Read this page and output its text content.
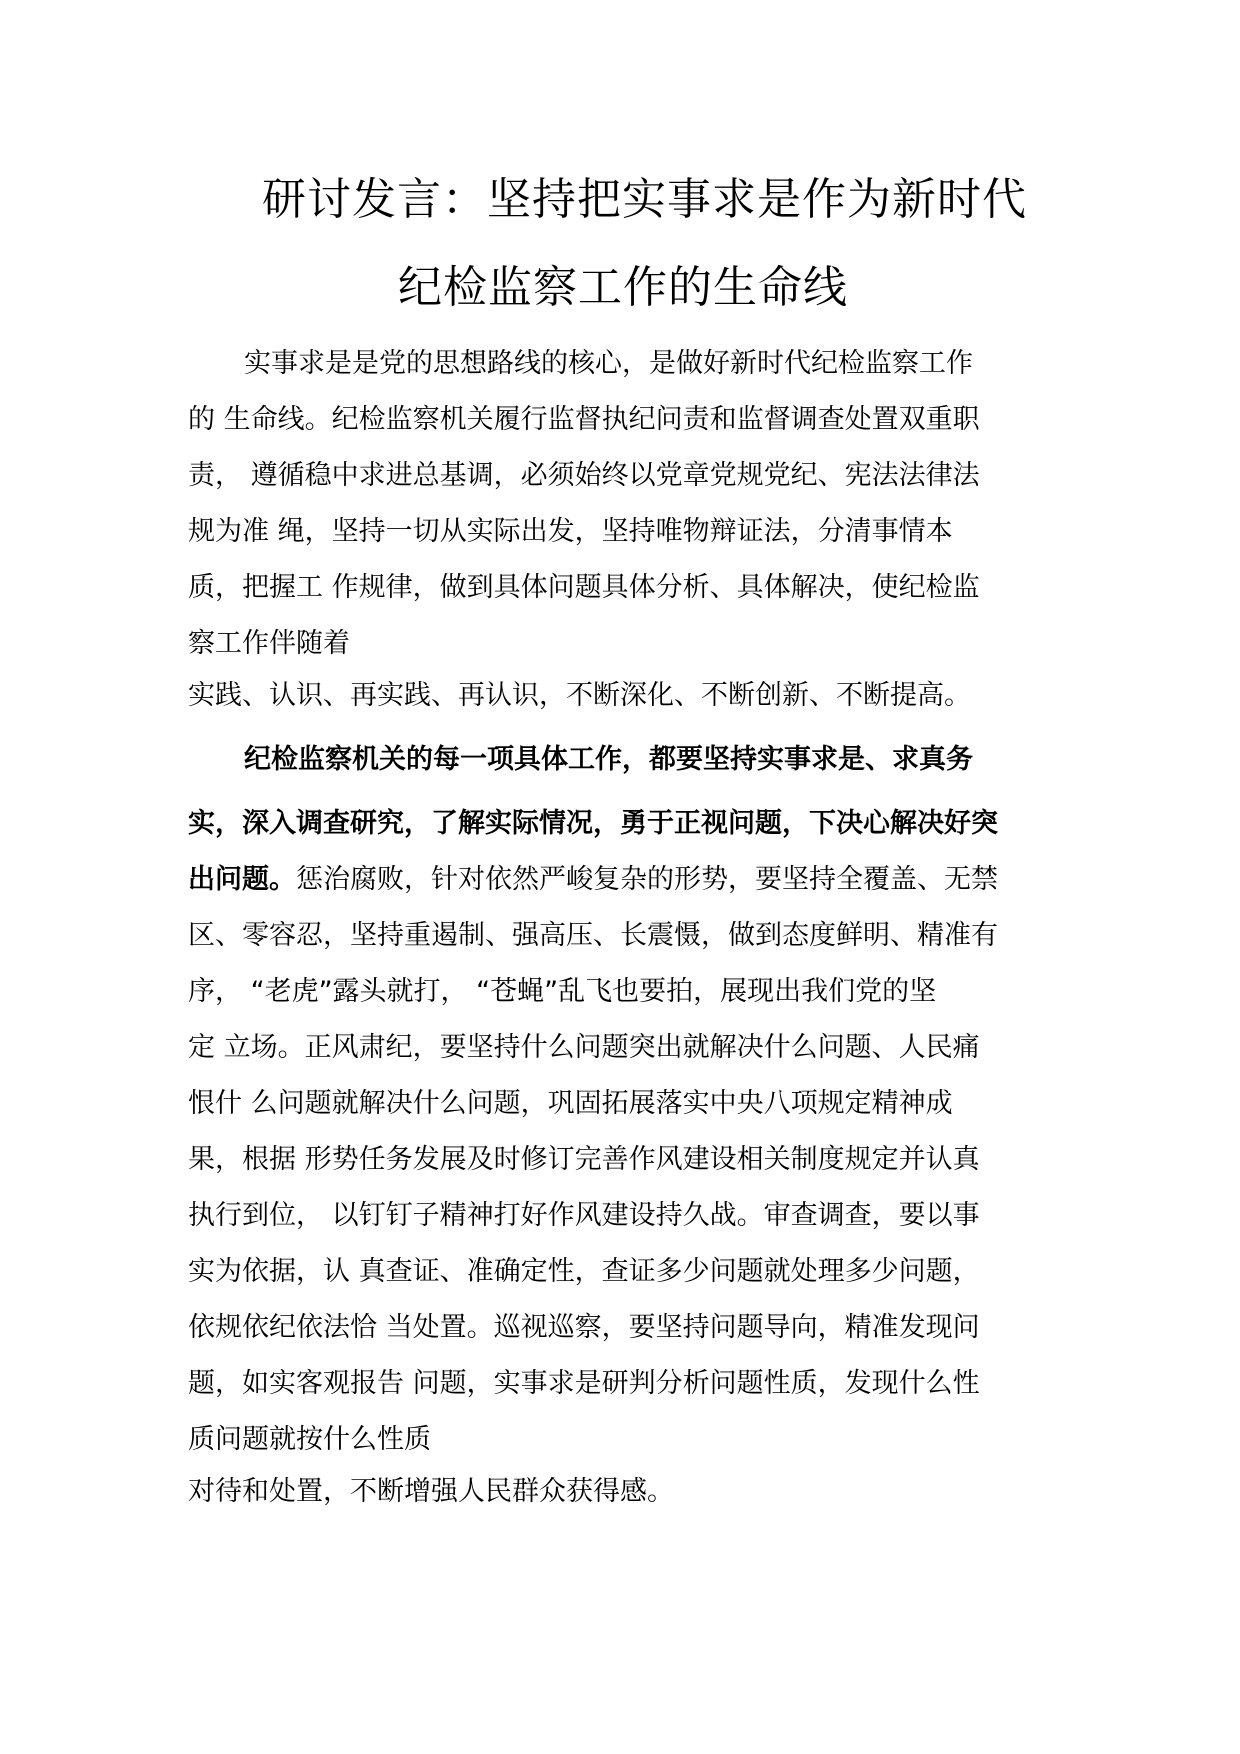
研讨发言：坚持把实事求是作为新时代
纪检监察工作的生命线
实事求是是党的思想路线的核心，是做好新时代纪检监察工作
的 生命线。纪检监察机关履行监督执纪问责和监督调查处置双重职
责， 遵循稳中求进总基调，必须始终以党章党规党纪、宪法法律法
规为准 绳，坚持一切从实际出发，坚持唯物辩证法，分清事情本
质，把握工 作规律，做到具体问题具体分析、具体解决，使纪检监
察工作伴随着
实践、认识、再实践、再认识，不断深化、不断创新、不断提高。
纪检监察机关的每一项具体工作，都要坚持实事求是、求真务
实，深入调查研究，了解实际情况，勇于正视问题，下决心解决好突
出问题。惩治腐败，针对依然严峻复杂的形势，要坚持全覆盖、无禁
区、零容忍，坚持重遏制、强高压、长震慑，做到态度鲜明、精准有
序， “老虎”露头就打， “苍蝇”乱飞也要拍，展现出我们党的坚
定 立场。正风肃纪，要坚持什么问题突出就解决什么问题、人民痛
恨什 么问题就解决什么问题，巩固拓展落实中央八项规定精神成
果，根据 形势任务发展及时修订完善作风建设相关制度规定并认真
执行到位， 以钉钉子精神打好作风建设持久战。审查调查，要以事
实为依据，认 真查证、准确定性，查证多少问题就处理多少问题，
依规依纪依法恰 当处置。巡视巡察，要坚持问题导向，精准发现问
题，如实客观报告 问题，实事求是研判分析问题性质，发现什么性
质问题就按什么性质
对待和处置，不断增强人民群众获得感。
